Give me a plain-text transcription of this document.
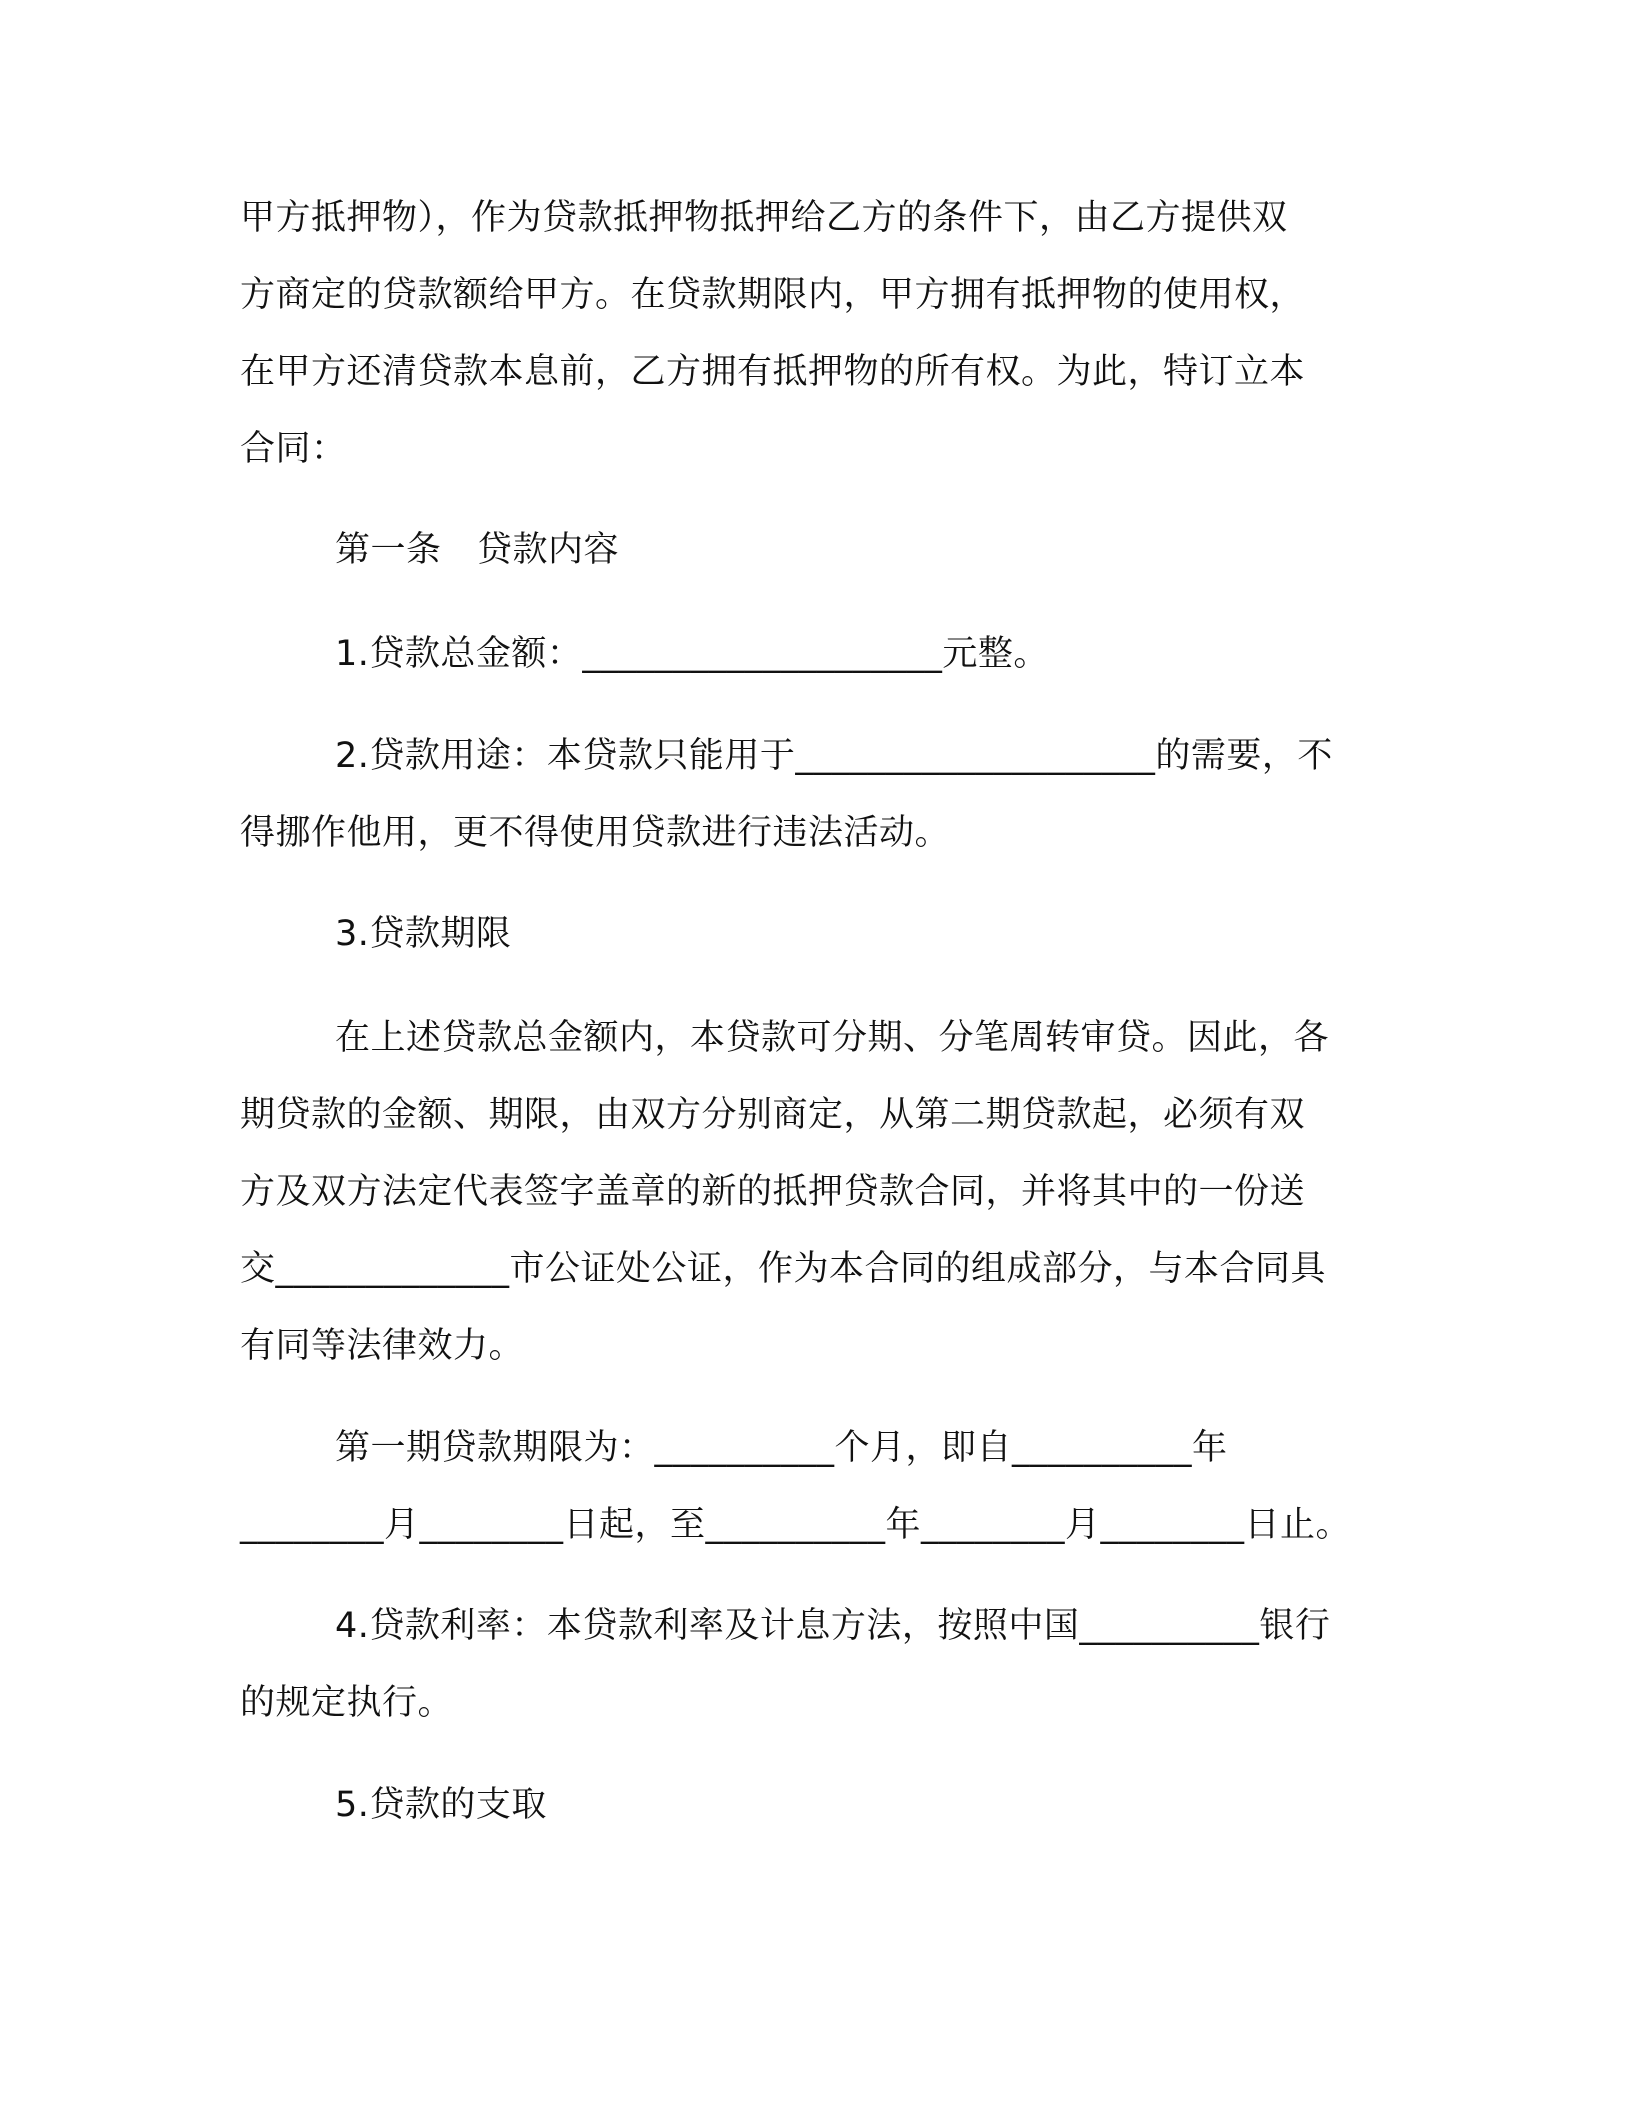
甲方抵押物），作为贷款抵押物抵押给乙方的条件下，由乙方提供双
方商定的贷款额给甲方。在贷款期限内，甲方拥有抵押物的使用权，
在甲方还清贷款本息前，乙方拥有抵押物的所有权。为此，特订立本
合同：
第一条　贷款内容
1.贷款总金额：____________________元整。
2.贷款用途：本贷款只能用于____________________的需要，不
得挪作他用，更不得使用贷款进行违法活动。
3.贷款期限
在上述贷款总金额内，本贷款可分期、分笔周转审贷。因此，各
期贷款的金额、期限，由双方分别商定，从第二期贷款起，必须有双
方及双方法定代表签字盖章的新的抵押贷款合同，并将其中的一份送
交_____________市公证处公证，作为本合同的组成部分，与本合同具
有同等法律效力。
第一期贷款期限为：__________个月，即自__________年
________月________日起，至__________年________月________日止。
4.贷款利率：本贷款利率及计息方法，按照中国__________银行
的规定执行。
5.贷款的支取
